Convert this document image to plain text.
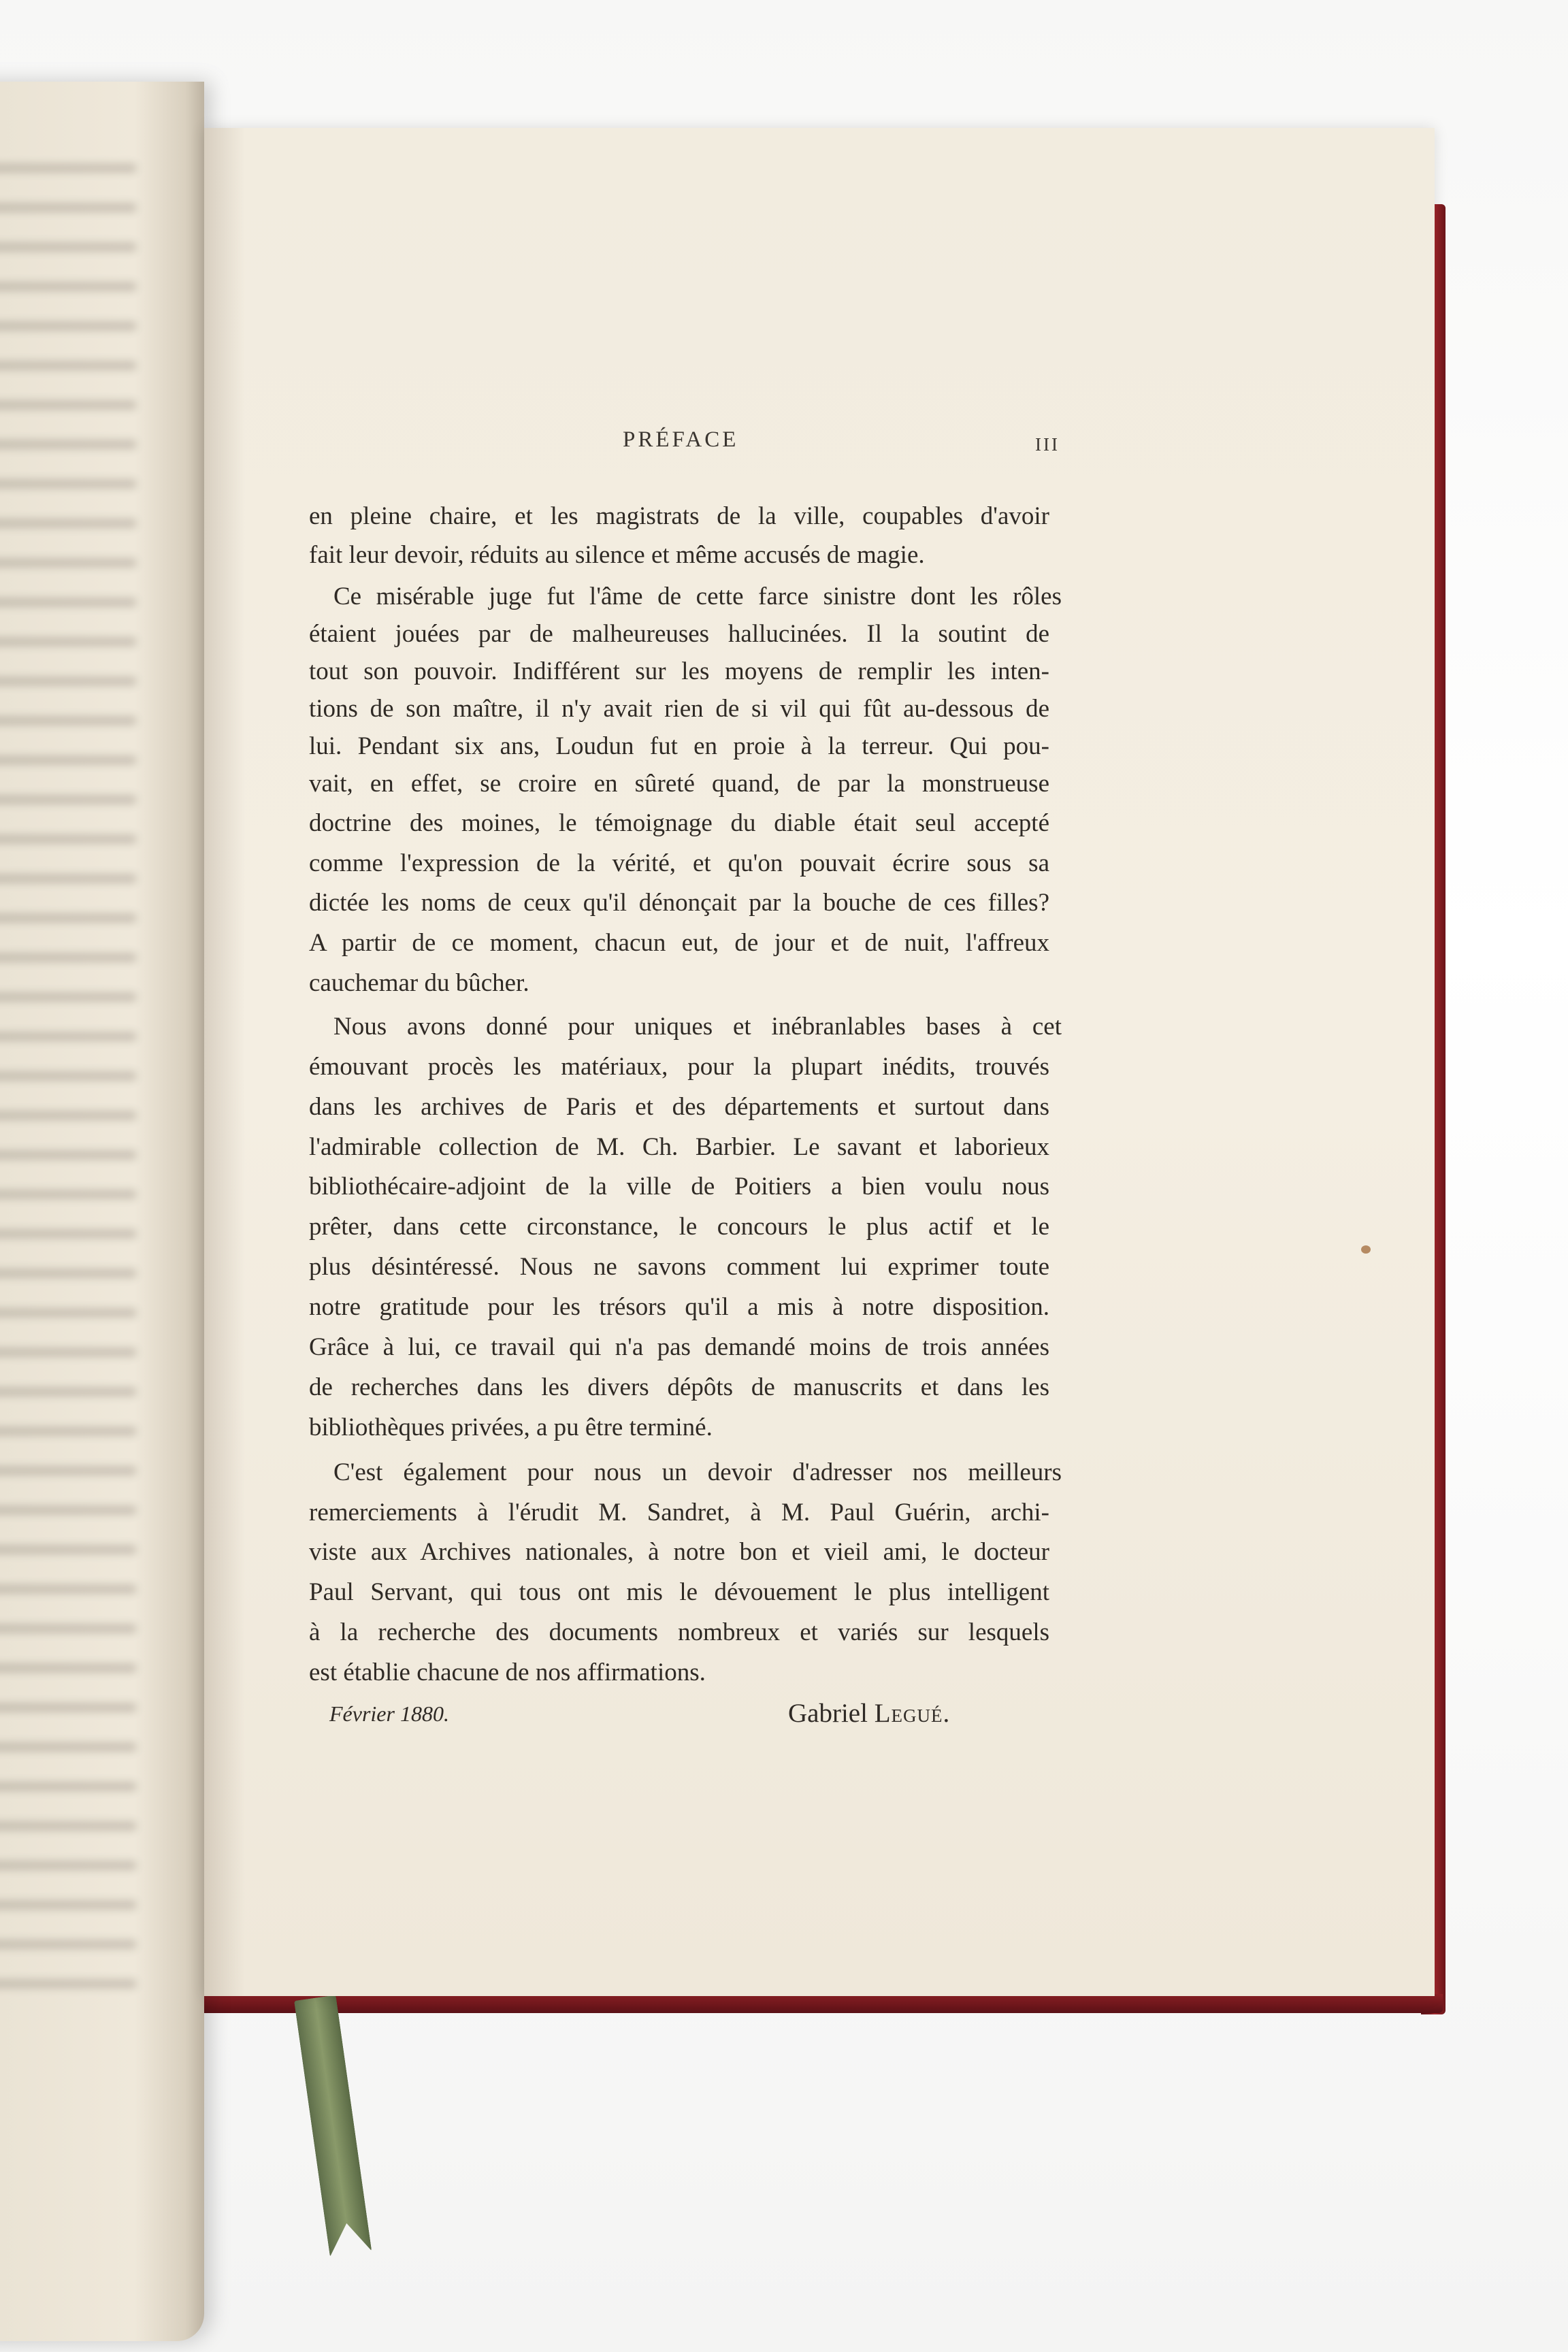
PRÉFACE	III
en pleine chaire, et les magistrats de la ville, coupables d'avoir
fait leur devoir, réduits au silence et même accusés de magie.
Ce misérable juge fut l'âme de cette farce sinistre dont les rôles
étaient jouées par de malheureuses hallucinées. Il la soutint de
tout son pouvoir. Indifférent sur les moyens de remplir les inten-
tions de son maître, il n'y avait rien de si vil qui fût au-dessous de
lui. Pendant six ans, Loudun fut en proie à la terreur. Qui pou-
vait, en effet, se croire en sûreté quand, de par la monstrueuse
doctrine des moines, le témoignage du diable était seul accepté
comme l'expression de la vérité, et qu'on pouvait écrire sous sa
dictée les noms de ceux qu'il dénonçait par la bouche de ces filles?
A partir de ce moment, chacun eut, de jour et de nuit, l'affreux
cauchemar du bûcher.
Nous avons donné pour uniques et inébranlables bases à cet
émouvant procès les matériaux, pour la plupart inédits, trouvés
dans les archives de Paris et des départements et surtout dans
l'admirable collection de M. Ch. Barbier. Le savant et laborieux
bibliothécaire-adjoint de la ville de Poitiers a bien voulu nous
prêter, dans cette circonstance, le concours le plus actif et le
plus désintéressé. Nous ne savons comment lui exprimer toute
notre gratitude pour les trésors qu'il a mis à notre disposition.
Grâce à lui, ce travail qui n'a pas demandé moins de trois années
de recherches dans les divers dépôts de manuscrits et dans les
bibliothèques privées, a pu être terminé.
C'est également pour nous un devoir d'adresser nos meilleurs
remerciements à l'érudit M. Sandret, à M. Paul Guérin, archi-
viste aux Archives nationales, à notre bon et vieil ami, le docteur
Paul Servant, qui tous ont mis le dévouement le plus intelligent
à la recherche des documents nombreux et variés sur lesquels
est établie chacune de nos affirmations.
Février 1880.	Gabriel Legué.
